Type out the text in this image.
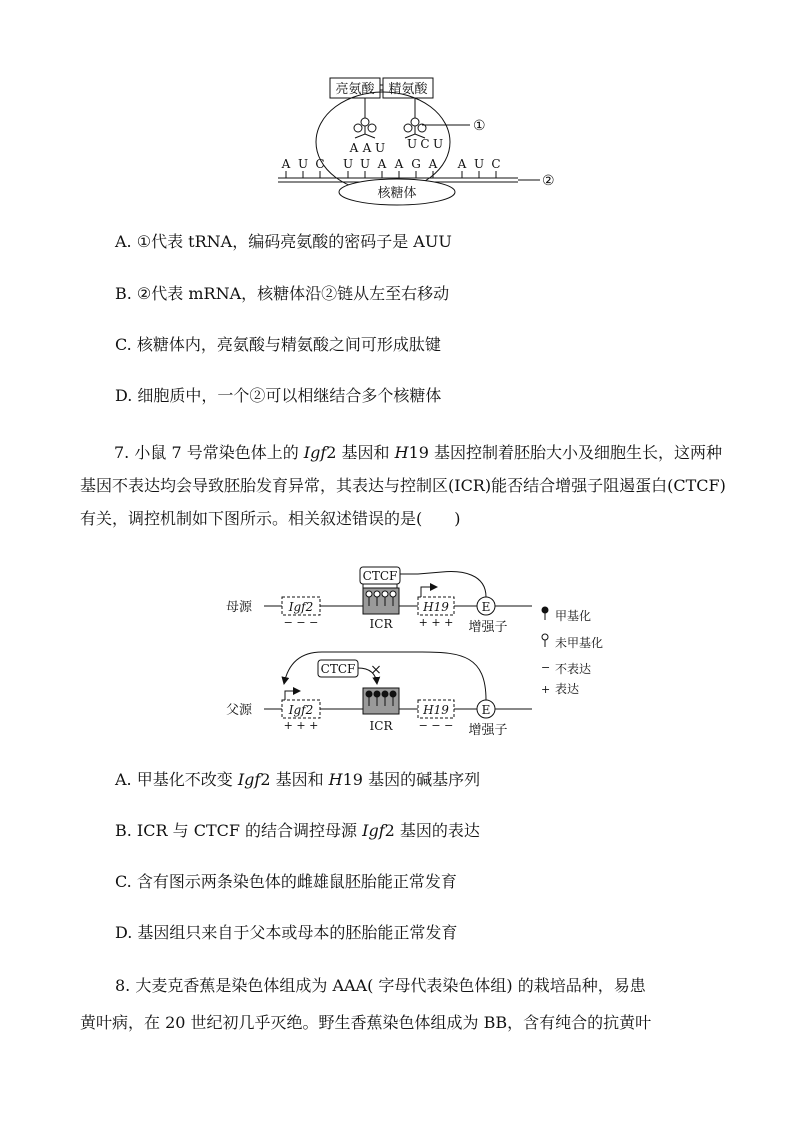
亮氨酸 精氨酸
①
A A U U C U
A U C U U A A G A A U C
②
核糖体

A. ①代表 tRNA，编码亮氨酸的密码子是 AUU

B. ②代表 mRNA，核糖体沿②链从左至右移动

C. 核糖体内，亮氨酸与精氨酸之间可形成肽键

D. 细胞质中，一个②可以相继结合多个核糖体

7. 小鼠 7 号常染色体上的 Igf2 基因和 H19 基因控制着胚胎大小及细胞生长，这两种基因不表达均会导致胚胎发育异常，其表达与控制区(ICR)能否结合增强子阻遏蛋白(CTCF)有关，调控机制如下图所示。相关叙述错误的是(　　)

母源	Igf2
− − −
CTCF
ICR
H19
+ + +
E
增强子
父源	Igf2
+ + +	ICR
CTCF ×
H19
− − −
E
增强子
甲基化
未甲基化
− 不表达
+ 表达

A. 甲基化不改变 Igf2 基因和 H19 基因的碱基序列

B. ICR 与 CTCF 的结合调控母源 Igf2 基因的表达

C. 含有图示两条染色体的雌雄鼠胚胎能正常发育

D. 基因组只来自于父本或母本的胚胎能正常发育

8. 大麦克香蕉是染色体组成为 AAA( 字母代表染色体组) 的栽培品种，易患

黄叶病，在 20 世纪初几乎灭绝。野生香蕉染色体组成为 BB，含有纯合的抗黄叶
